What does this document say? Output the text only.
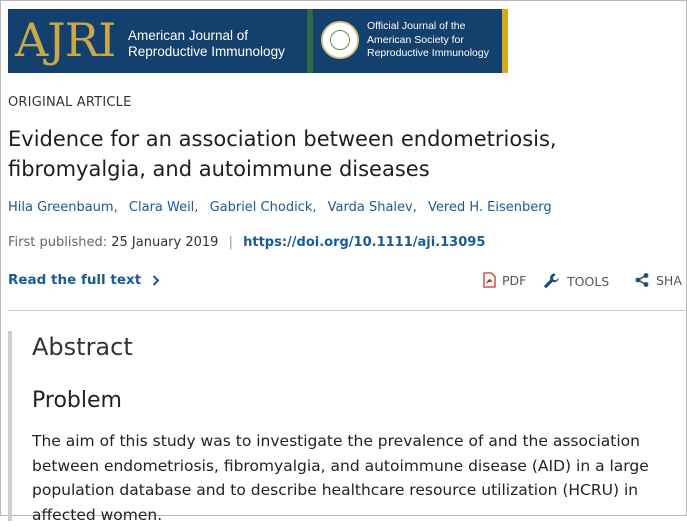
AJRI American Journal of Reproductive Immunology
Official Journal of the American Society for Reproductive Immunology
ORIGINAL ARTICLE
Evidence for an association between endometriosis, fibromyalgia, and autoimmune diseases
Hila Greenbaum, Clara Weil, Gabriel Chodick, Varda Shalev, Vered H. Eisenberg
First published: 25 January 2019 | https://doi.org/10.1111/aji.13095
Read the full text	PDF	TOOLS	SHA
Abstract
Problem

The aim of this study was to investigate the prevalence of and the association between endometriosis, fibromyalgia, and autoimmune disease (AID) in a large population database and to describe healthcare resource utilization (HCRU) in affected women.
